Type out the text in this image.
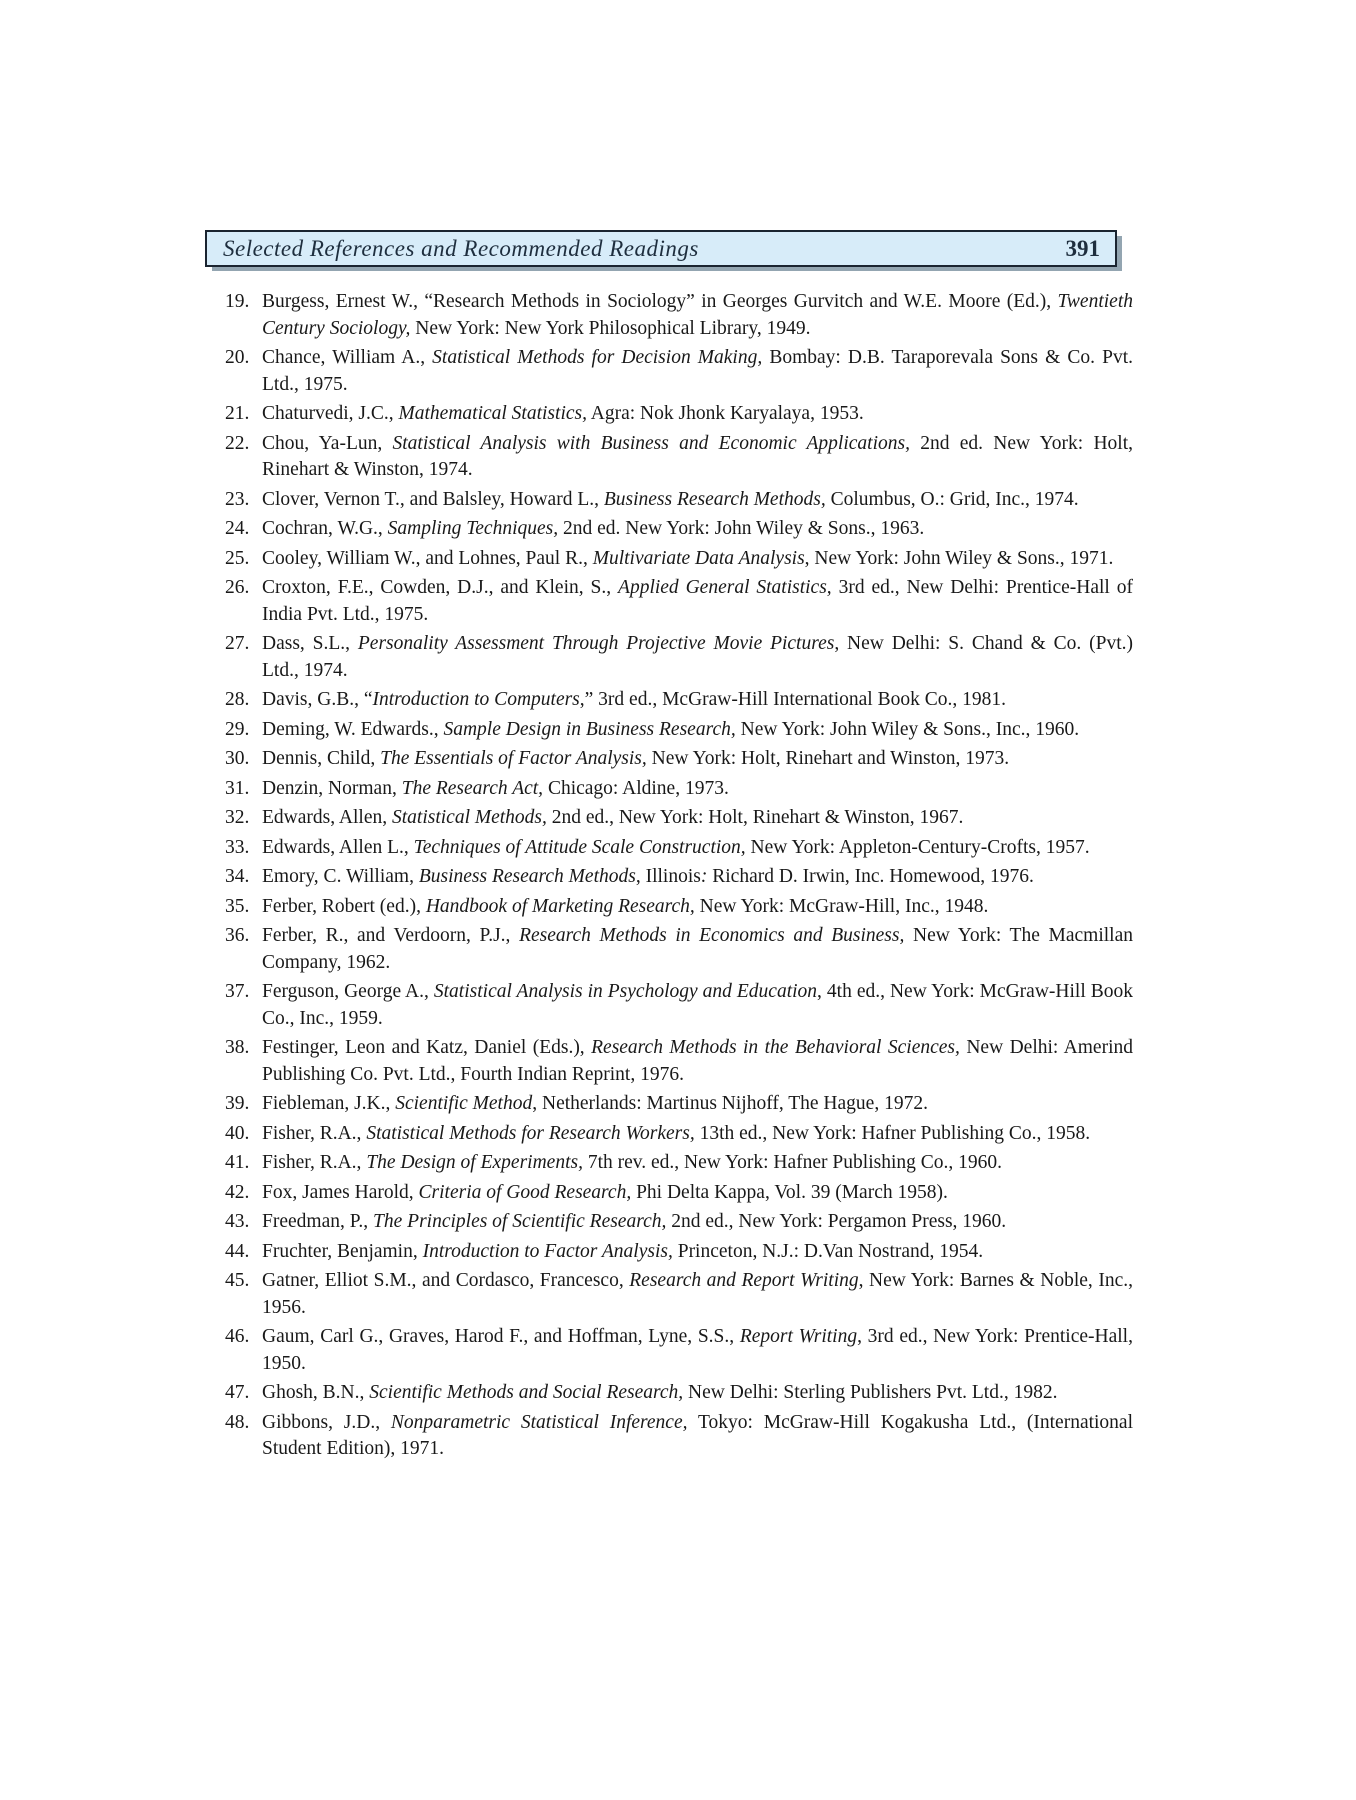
Selected References and Recommended Readings	391
19. Burgess, Ernest W., “Research Methods in Sociology” in Georges Gurvitch and W.E. Moore (Ed.), Twentieth Century Sociology, New York: New York Philosophical Library, 1949.
20. Chance, William A., Statistical Methods for Decision Making, Bombay: D.B. Taraporevala Sons & Co. Pvt. Ltd., 1975.
21. Chaturvedi, J.C., Mathematical Statistics, Agra: Nok Jhonk Karyalaya, 1953.
22. Chou, Ya-Lun, Statistical Analysis with Business and Economic Applications, 2nd ed. New York: Holt, Rinehart & Winston, 1974.
23. Clover, Vernon T., and Balsley, Howard L., Business Research Methods, Columbus, O.: Grid, Inc., 1974.
24. Cochran, W.G., Sampling Techniques, 2nd ed. New York: John Wiley & Sons., 1963.
25. Cooley, William W., and Lohnes, Paul R., Multivariate Data Analysis, New York: John Wiley & Sons., 1971.
26. Croxton, F.E., Cowden, D.J., and Klein, S., Applied General Statistics, 3rd ed., New Delhi: Prentice-Hall of India Pvt. Ltd., 1975.
27. Dass, S.L., Personality Assessment Through Projective Movie Pictures, New Delhi: S. Chand & Co. (Pvt.) Ltd., 1974.
28. Davis, G.B., “Introduction to Computers,” 3rd ed., McGraw-Hill International Book Co., 1981.
29. Deming, W. Edwards., Sample Design in Business Research, New York: John Wiley & Sons., Inc., 1960.
30. Dennis, Child, The Essentials of Factor Analysis, New York: Holt, Rinehart and Winston, 1973.
31. Denzin, Norman, The Research Act, Chicago: Aldine, 1973.
32. Edwards, Allen, Statistical Methods, 2nd ed., New York: Holt, Rinehart & Winston, 1967.
33. Edwards, Allen L., Techniques of Attitude Scale Construction, New York: Appleton-Century-Crofts, 1957.
34. Emory, C. William, Business Research Methods, Illinois: Richard D. Irwin, Inc. Homewood, 1976.
35. Ferber, Robert (ed.), Handbook of Marketing Research, New York: McGraw-Hill, Inc., 1948.
36. Ferber, R., and Verdoorn, P.J., Research Methods in Economics and Business, New York: The Macmillan Company, 1962.
37. Ferguson, George A., Statistical Analysis in Psychology and Education, 4th ed., New York: McGraw-Hill Book Co., Inc., 1959.
38. Festinger, Leon and Katz, Daniel (Eds.), Research Methods in the Behavioral Sciences, New Delhi: Amerind Publishing Co. Pvt. Ltd., Fourth Indian Reprint, 1976.
39. Fiebleman, J.K., Scientific Method, Netherlands: Martinus Nijhoff, The Hague, 1972.
40. Fisher, R.A., Statistical Methods for Research Workers, 13th ed., New York: Hafner Publishing Co., 1958.
41. Fisher, R.A., The Design of Experiments, 7th rev. ed., New York: Hafner Publishing Co., 1960.
42. Fox, James Harold, Criteria of Good Research, Phi Delta Kappa, Vol. 39 (March 1958).
43. Freedman, P., The Principles of Scientific Research, 2nd ed., New York: Pergamon Press, 1960.
44. Fruchter, Benjamin, Introduction to Factor Analysis, Princeton, N.J.: D.Van Nostrand, 1954.
45. Gatner, Elliot S.M., and Cordasco, Francesco, Research and Report Writing, New York: Barnes & Noble, Inc., 1956.
46. Gaum, Carl G., Graves, Harod F., and Hoffman, Lyne, S.S., Report Writing, 3rd ed., New York: Prentice-Hall, 1950.
47. Ghosh, B.N., Scientific Methods and Social Research, New Delhi: Sterling Publishers Pvt. Ltd., 1982.
48. Gibbons, J.D., Nonparametric Statistical Inference, Tokyo: McGraw-Hill Kogakusha Ltd., (International Student Edition), 1971.
